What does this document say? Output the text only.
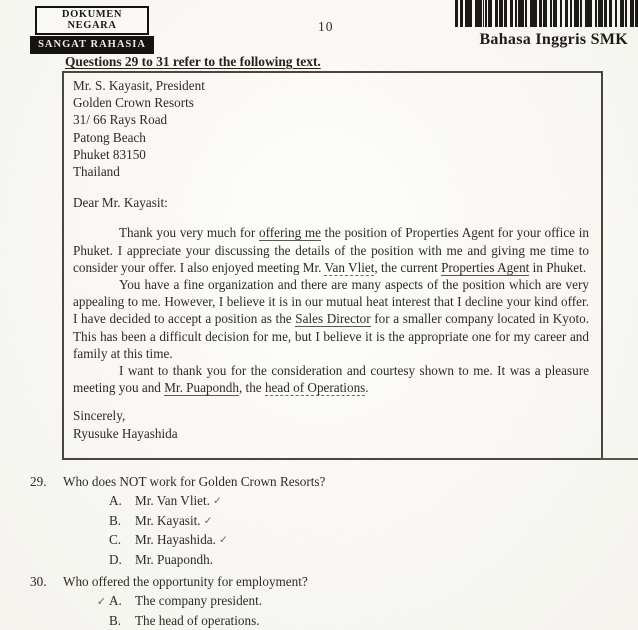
DOKUMEN NEGARA
SANGAT RAHASIA
10
Bahasa Inggris SMK
Questions 29 to 31 refer to the following text.
Mr. S. Kayasit, President
Golden Crown Resorts
31/ 66 Rays Road
Patong Beach
Phuket 83150
Thailand
Dear Mr. Kayasit:

Thank you very much for offering me the position of Properties Agent for your office in Phuket. I appreciate your discussing the details of the position with me and giving me time to consider your offer. I also enjoyed meeting Mr. Van Vliet, the current Properties Agent in Phuket.

You have a fine organization and there are many aspects of the position which are very appealing to me. However, I believe it is in our mutual heat interest that I decline your kind offer. I have decided to accept a position as the Sales Director for a smaller company located in Kyoto. This has been a difficult decision for me, but I believe it is the appropriate one for my career and family at this time.

I want to thank you for the consideration and courtesy shown to me. It was a pleasure meeting you and Mr. Puapondh, the head of Operations.

Sincerely,
Ryusuke Hayashida
29.	Who does NOT work for Golden Crown Resorts?
A. Mr. Van Vliet. ✓
B.	Mr. Kayasit. ✓
C.	Mr. Hayashida. ✓
D. Mr. Puapondh.
30.	Who offered the opportunity for employment?
✓ A. The company president.
B.	The head of operations.
